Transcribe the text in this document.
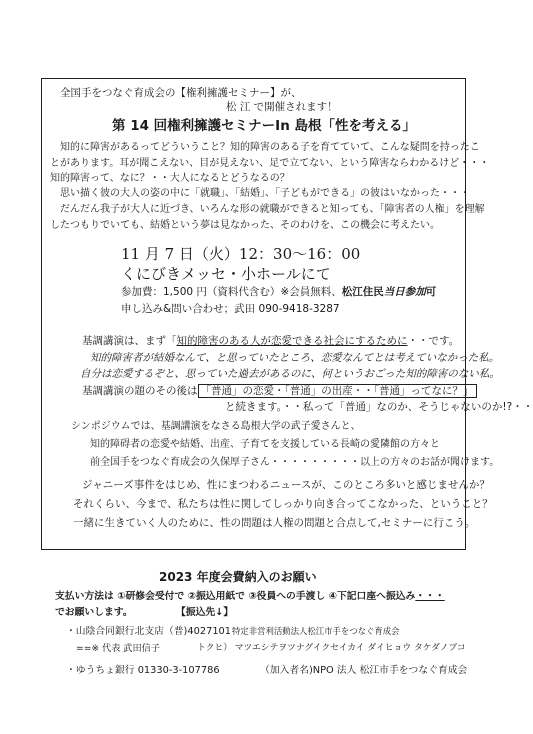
全国手をつなぐ育成会の【権利擁護セミナー】が、
松 江 で開催されます！
第 14 回権利擁護セミナーIn 島根「性を考える」
知的に障害があるってどういうこと？知的障害のある子を育てていて、こんな疑問を持ったこ
とがあります。耳が聞こえない、目が見えない、足で立てない、という障害ならわかるけど・・・
知的障害って、なに？・・大人になるとどうなるの？
思い描く彼の大人の姿の中に「就職」、「結婚」、「子どもができる」の彼はいなかった・・・
だんだん我子が大人に近づき、いろんな形の就職ができると知っても、「障害者の人権」を理解
したつもりでいても、結婚という夢は見なかった、そのわけを、この機会に考えたい。
11 月 7 日（火）12：30～16：00
くにびきメッセ・小ホールにて
参加費：1,500 円（資料代含む）※会員無料、松江住民当日参加可
申し込み&問い合わせ；武田 090-9418-3287
基調講演は、まず「知的障害のある人が恋愛できる社会にするために・・です。
知的障害者が結婚なんて、と思っていたところ、恋愛なんてとは考えていなかった私。
自分は恋愛するぞと、思っていた過去があるのに、何というおごった知的障害のない私。
基調講演の題のその後は 「普通」の恋愛・「普通」の出産・・「普通」ってなに？」
と続きます。・・私って「普通」なのか、そうじゃないのか!?・・
シンポジウムでは、基調講演をなさる島根大学の武子愛さんと、
知的障碍者の恋愛や結婚、出産、子育てを支援している長崎の愛隣館の方々と
前全国手をつなぐ育成会の久保厚子さん・・・・・・・・・以上の方々のお話が聞けます。
ジャニーズ事件をはじめ、性にまつわるニュースが、このところ多いと感じませんか？
それくらい、今まで、私たちは性に関してしっかり向き合ってこなかった、ということ？
一緒に生きていく人のために、性の問題は人権の問題と合点して,セミナーに行こう。
2023 年度会費納入のお願い
支払い方法は ①研修会受付で ②振込用紙で ③役員への手渡し ④下記口座へ振込み・・・
でお願いします。	【振込先↓】
・山陰合同銀行北支店（普)4027101 特定非営利活動法人松江市手をつなぐ育成会
==※ 代表 武田信子	トクヒ） マツエシテヲツナグイクセイカイ ダイヒョウ タケダノブコ
・ゆうちょ銀行 01330-3-107786	（加入者名)NPO 法人 松江市手をつなぐ育成会
